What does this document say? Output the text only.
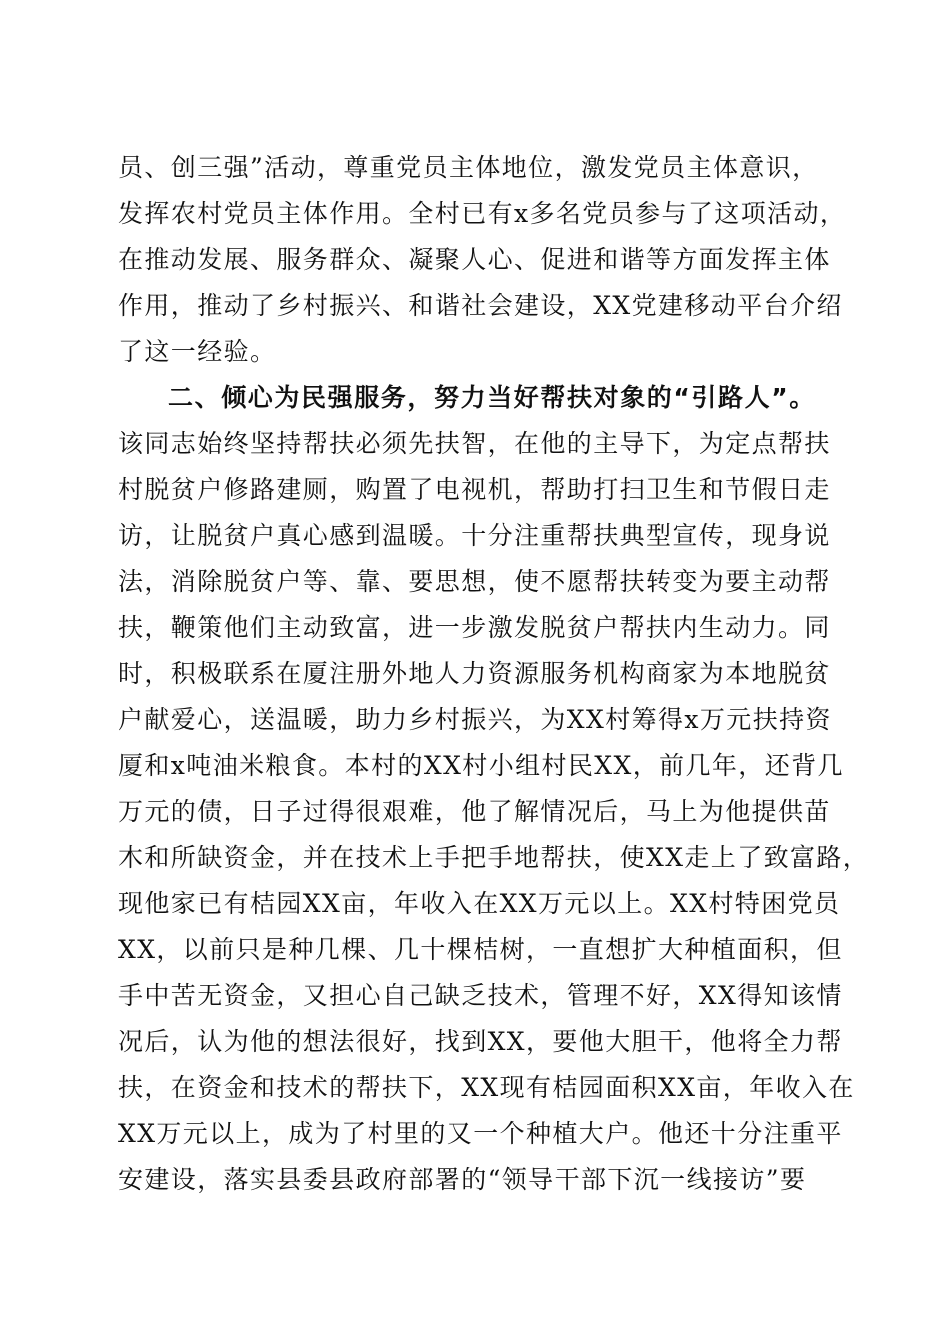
员、创三强”活动，尊重党员主体地位，激发党员主体意识，
发挥农村党员主体作用。全村已有x多名党员参与了这项活动，
在推动发展、服务群众、凝聚人心、促进和谐等方面发挥主体
作用，推动了乡村振兴、和谐社会建设，XX党建移动平台介绍
了这一经验。
二、倾心为民强服务，努力当好帮扶对象的“引路人”。
该同志始终坚持帮扶必须先扶智，在他的主导下，为定点帮扶
村脱贫户修路建厕，购置了电视机，帮助打扫卫生和节假日走
访，让脱贫户真心感到温暖。十分注重帮扶典型宣传，现身说
法，消除脱贫户等、靠、要思想，使不愿帮扶转变为要主动帮
扶，鞭策他们主动致富，进一步激发脱贫户帮扶内生动力。同
时，积极联系在厦注册外地人力资源服务机构商家为本地脱贫
户献爱心，送温暖，助力乡村振兴，为XX村筹得x万元扶持资
厦和x吨油米粮食。本村的XX村小组村民XX，前几年，还背几
万元的债，日子过得很艰难，他了解情况后，马上为他提供苗
木和所缺资金，并在技术上手把手地帮扶，使XX走上了致富路，
现他家已有桔园XX亩，年收入在XX万元以上。XX村特困党员
XX，以前只是种几棵、几十棵桔树，一直想扩大种植面积，但
手中苦无资金，又担心自己缺乏技术，管理不好，XX得知该情
况后，认为他的想法很好，找到XX，要他大胆干，他将全力帮
扶，在资金和技术的帮扶下，XX现有桔园面积XX亩，年收入在
XX万元以上，成为了村里的又一个种植大户。他还十分注重平
安建设，落实县委县政府部署的“领导干部下沉一线接访”要
